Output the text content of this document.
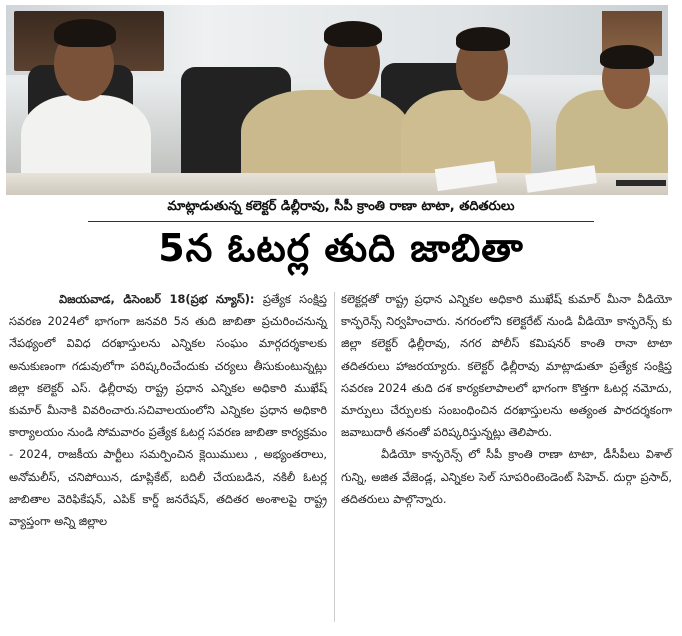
మాట్లాడుతున్న కలెక్టర్ డిల్లీరావు, సీపీ క్రాంతి రాణా టాటా, తదితరులు
5న ఓటర్ల తుది జాబితా

విజయవాడ, డిసెంబర్ 18(ప్రభ న్యూస్): ప్రత్యేక సంక్షిప్త సవరణ 2024లో భాగంగా జనవరి 5న తుది జాబితా ప్రచురించనున్న నేపథ్యంలో వివిధ దరఖాస్తులను ఎన్నికల సంఘం మార్గదర్శకాలకు అనుకుణంగా గడువులోగా పరిష్కరించేందుకు చర్యలు తీసుకుంటున్నట్లు జిల్లా కలెక్టర్ ఎస్. ఢిల్లీరావు రాష్ట్ర ప్రధాన ఎన్నికల అధికారి ముఖేష్ కుమార్ మీనాకి వివరించారు.సచివాలయంలోని ఎన్నికల ప్రధాన అధికారి కార్యాలయం నుండి సోమవారం ప్రత్యేక ఓటర్ల సవరణ జాబితా కార్యక్రమం - 2024, రాజకీయ పార్టీలు సమర్పించిన క్లెయిములు , అభ్యంతరాలు, అనోమలీస్, చనిపోయిన, డూప్లికేట్, బదిలీ చేయబడిన, నకిలీ ఓటర్ల జాబితాల వెరిఫికేషన్, ఎపిక్ కార్డ్ జనరేషన్, తదితర అంశాలపై రాష్ట్ర వ్యాప్తంగా అన్ని జిల్లాల

కలెక్టర్లతో రాష్ట్ర ప్రధాన ఎన్నికల అధికారి ముఖేష్ కుమార్ మీనా వీడియో కాన్ఫరెన్స్ నిర్వహించారు. నగరంలోని కలెక్టరేట్ నుండి వీడియో కాన్ఫరెన్స్ కు జిల్లా కలెక్టర్ ఢిల్లీరావు, నగర పోలీస్ కమిషనర్ కాంతి రానా టాటా తదితరులు హాజరయ్యారు. కలెక్టర్ ఢిల్లీరావు మాట్లాడుతూ ప్రత్యేక సంక్షిప్త సవరణ 2024 తుది దశ కార్యకలాపాలలో భాగంగా కొత్తగా ఓటర్ల నమోదు, మార్పులు చేర్పులకు సంబంధించిన దరఖాస్తులను అత్యంత పారదర్శకంగా జవాబుదారీ తనంతో పరిష్కరిస్తున్నట్లు తెలిపారు.

వీడియో కాన్ఫరెన్స్ లో సీపీ క్రాంతి రాణా టాటా, డీసీపీలు విశాల్ గున్ని, అజిత వేజెండ్ల, ఎన్నికల సెల్ సూపరింటెండెంట్ సిహెచ్. దుర్గా ప్రసాద్, తదితరులు పాల్గొన్నారు.
